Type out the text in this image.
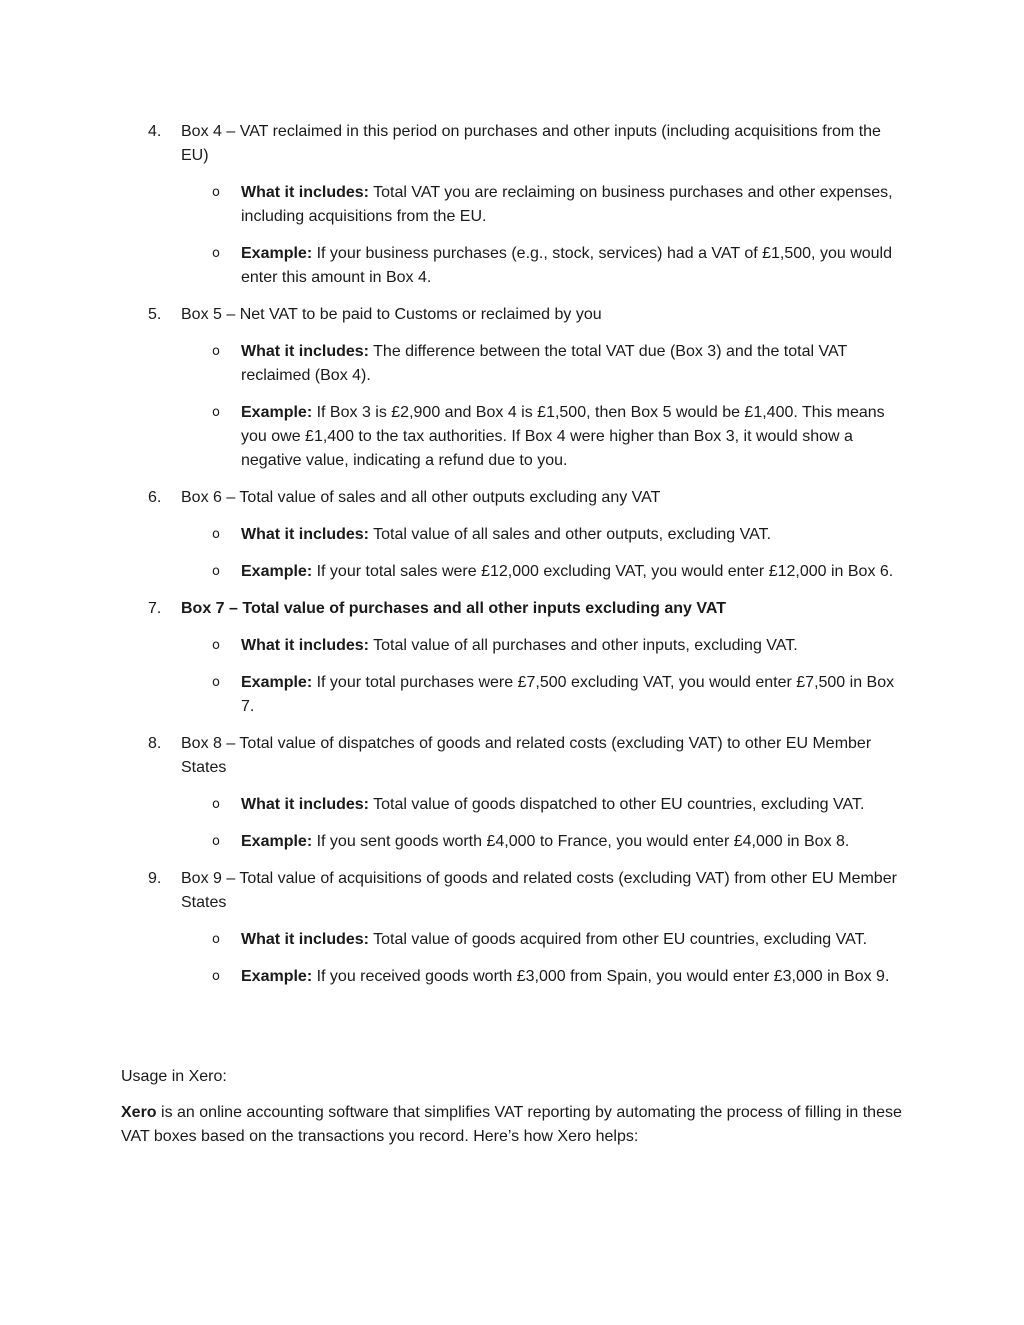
4. Box 4 – VAT reclaimed in this period on purchases and other inputs (including acquisitions from the EU)
o What it includes: Total VAT you are reclaiming on business purchases and other expenses, including acquisitions from the EU.
o Example: If your business purchases (e.g., stock, services) had a VAT of £1,500, you would enter this amount in Box 4.
5. Box 5 – Net VAT to be paid to Customs or reclaimed by you
o What it includes: The difference between the total VAT due (Box 3) and the total VAT reclaimed (Box 4).
o Example: If Box 3 is £2,900 and Box 4 is £1,500, then Box 5 would be £1,400. This means you owe £1,400 to the tax authorities. If Box 4 were higher than Box 3, it would show a negative value, indicating a refund due to you.
6. Box 6 – Total value of sales and all other outputs excluding any VAT
o What it includes: Total value of all sales and other outputs, excluding VAT.
o Example: If your total sales were £12,000 excluding VAT, you would enter £12,000 in Box 6.
7. Box 7 – Total value of purchases and all other inputs excluding any VAT
o What it includes: Total value of all purchases and other inputs, excluding VAT.
o Example: If your total purchases were £7,500 excluding VAT, you would enter £7,500 in Box 7.
8. Box 8 – Total value of dispatches of goods and related costs (excluding VAT) to other EU Member States
o What it includes: Total value of goods dispatched to other EU countries, excluding VAT.
o Example: If you sent goods worth £4,000 to France, you would enter £4,000 in Box 8.
9. Box 9 – Total value of acquisitions of goods and related costs (excluding VAT) from other EU Member States
o What it includes: Total value of goods acquired from other EU countries, excluding VAT.
o Example: If you received goods worth £3,000 from Spain, you would enter £3,000 in Box 9.
Usage in Xero:
Xero is an online accounting software that simplifies VAT reporting by automating the process of filling in these VAT boxes based on the transactions you record. Here’s how Xero helps:
